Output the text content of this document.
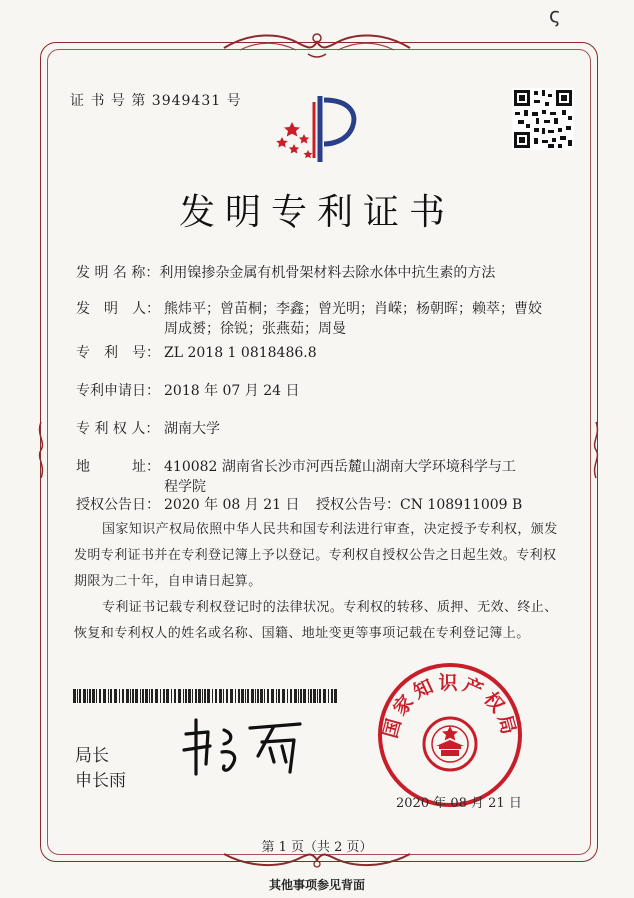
ς
证 书 号 第 3949431 号
发明专利证书
发 明 名 称：利用镍掺杂金属有机骨架材料去除水体中抗生素的方法
发　明　人： 熊炜平；曾苗桐；李鑫；曾光明；肖嵘；杨朝晖；赖萃；曹姣
周成赟；徐锐；张燕茹；周曼
专　利　号： ZL 2018 1 0818486.8
专利申请日： 2018 年 07 月 24 日
专 利 权 人： 湖南大学
地　　　址： 410082 湖南省长沙市河西岳麓山湖南大学环境科学与工
程学院
授权公告日： 2020 年 08 月 21 日 授权公告号：CN 108911009 B
国家知识产权局依照中华人民共和国专利法进行审查，决定授予专利权，颁发发明专利证书并在专利登记簿上予以登记。专利权自授权公告之日起生效。专利权期限为二十年，自申请日起算。
专利证书记载专利权登记时的法律状况。专利权的转移、质押、无效、终止、恢复和专利权人的姓名或名称、国籍、地址变更等事项记载在专利登记簿上。
局长
申长雨
国家知识产权局
2020 年 08 月 21 日
第 1 页（共 2 页）
其他事项参见背面
